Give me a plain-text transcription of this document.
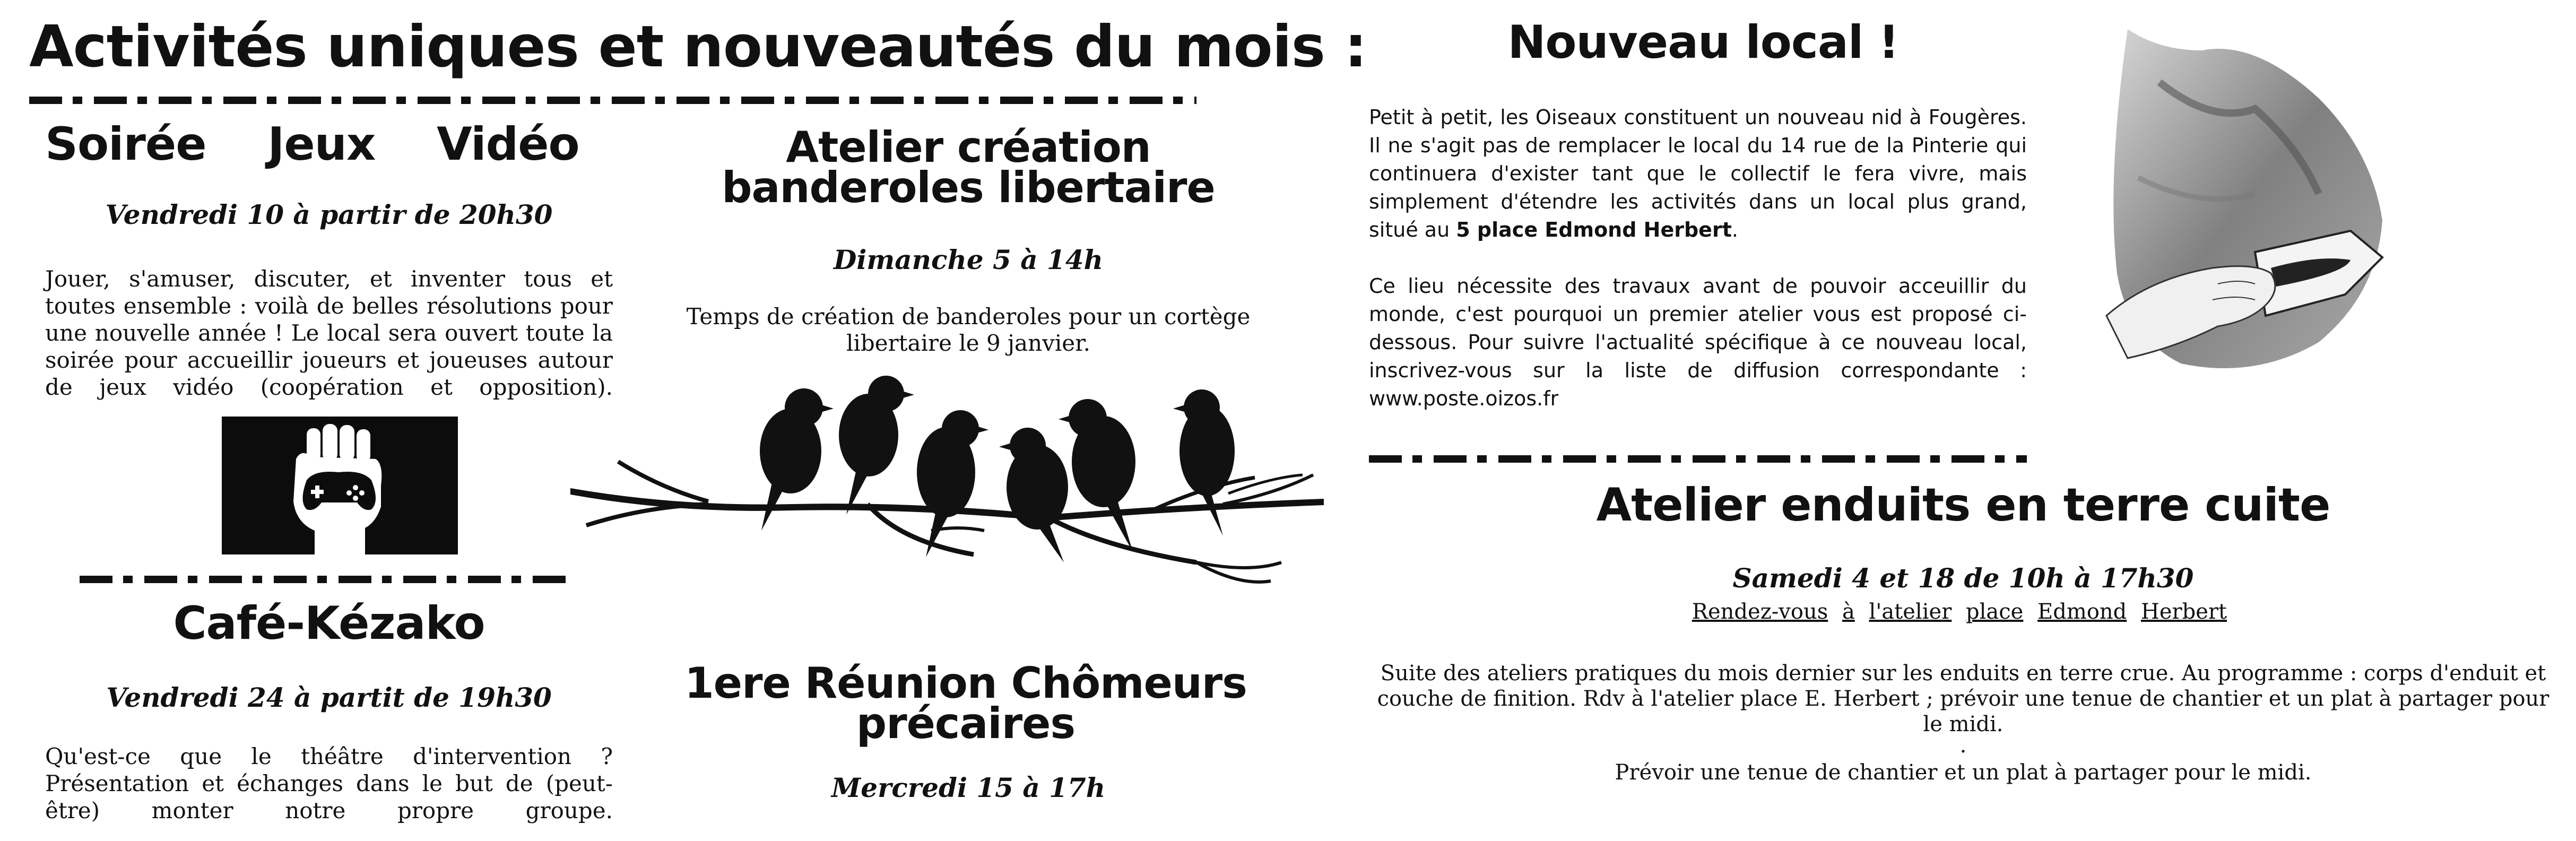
Activités uniques et nouveautés du mois :
Soirée    Jeux    Vidéo
Vendredi 10 à partir de 20h30
Jouer, s'amuser, discuter, et inventer tous et toutes ensemble : voilà de belles résolutions pour une nouvelle année ! Le local sera ouvert toute la soirée pour accueillir joueurs et joueuses autour de jeux vidéo (coopération et opposition).
Café-Kézako
Vendredi 24 à partit de 19h30
Qu'est-ce que le théâtre d'intervention ? Présentation et échanges dans le but de (peut-être) monter notre propre groupe.
Atelier création
banderoles libertaire
Dimanche 5 à 14h
Temps de création de banderoles pour un cortège libertaire le 9 janvier.
1ere Réunion Chômeurs
précaires
Mercredi 15 à 17h
Nouveau local !

Petit à petit, les Oiseaux constituent un nouveau nid à Fougères. Il ne s'agit pas de remplacer le local du 14 rue de la Pinterie qui continuera d'exister tant que le collectif le fera vivre, mais simplement d'étendre les activités dans un local plus grand, situé au 5 place Edmond Herbert.

Ce lieu nécessite des travaux avant de pouvoir acceuillir du monde, c'est pourquoi un premier atelier vous est proposé ci-dessous. Pour suivre l'actualité spécifique à ce nouveau local, inscrivez-vous sur la liste de diffusion correspondante : www.poste.oizos.fr

Atelier enduits en terre cuite
Samedi 4 et 18 de 10h à 17h30
Rendez-vous à l'atelier place Edmond Herbert
Suite des ateliers pratiques du mois dernier sur les enduits en terre crue. Au programme : corps d'enduit et couche de finition. Rdv à l'atelier place E. Herbert ; prévoir une tenue de chantier et un plat à partager pour le midi.
.
Prévoir une tenue de chantier et un plat à partager pour le midi.
